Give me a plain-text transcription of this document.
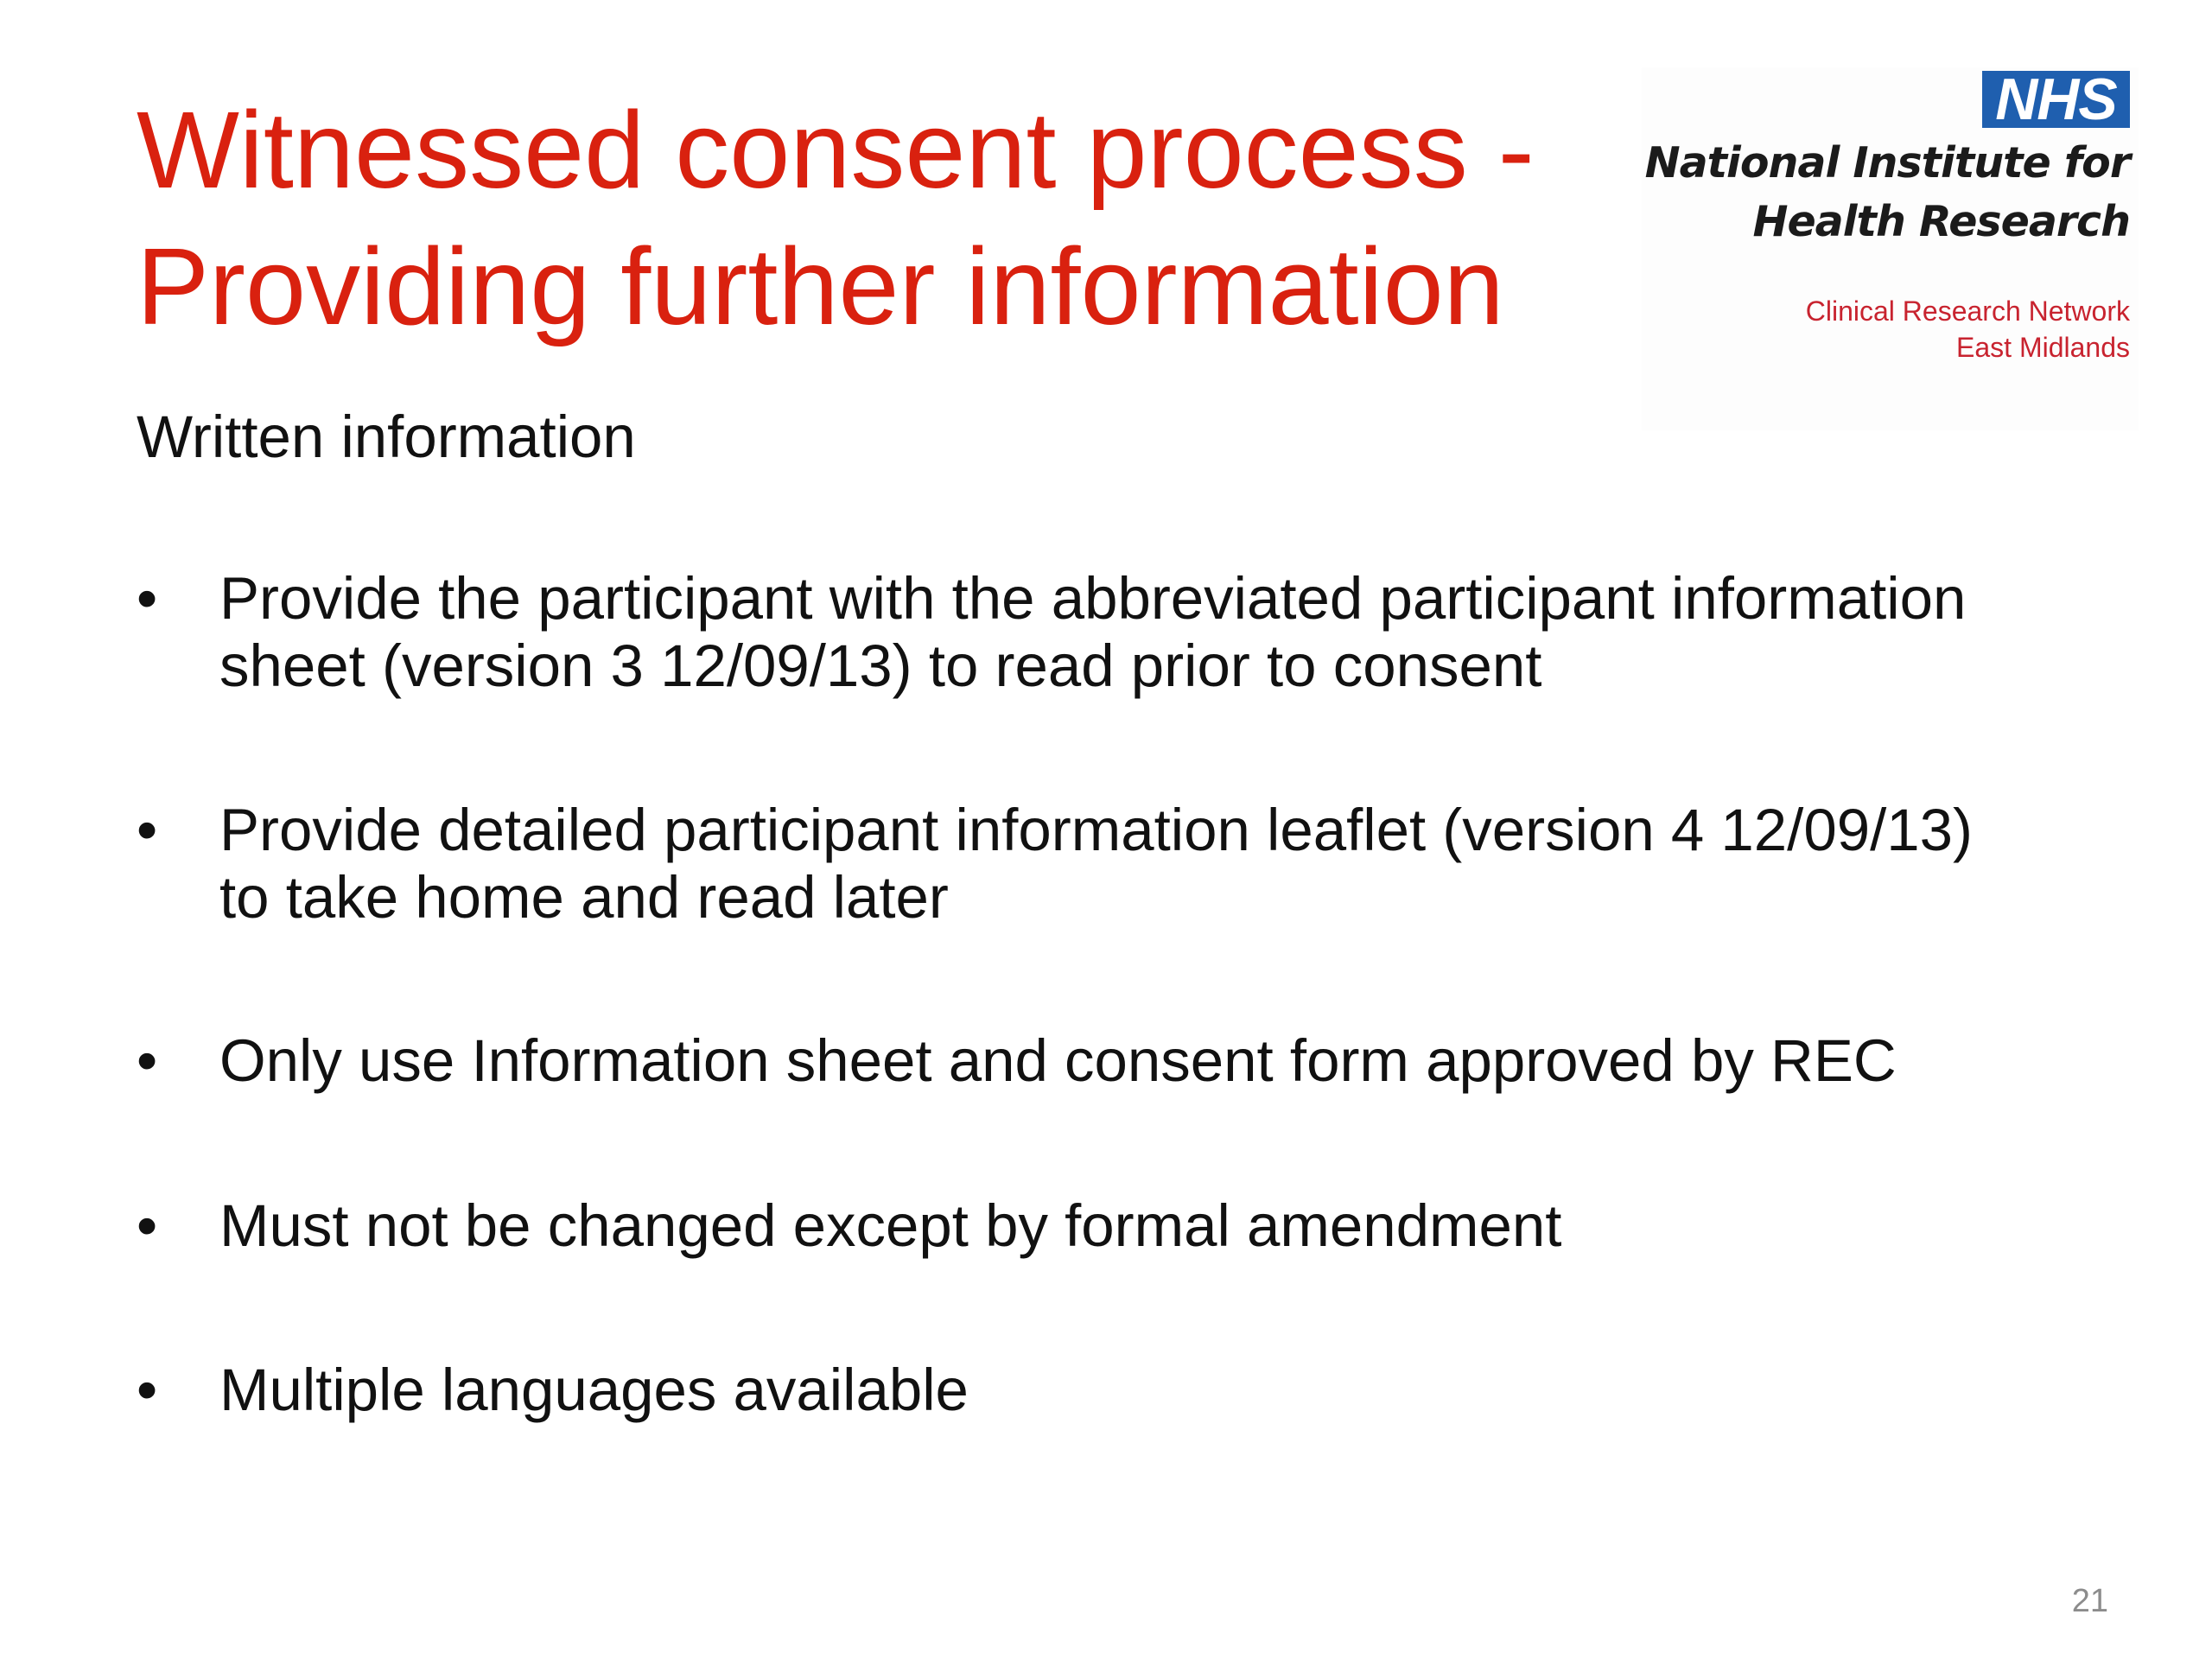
Witnessed consent process -
Providing further information
NHS
National Institute for
Health Research
Clinical Research Network
East Midlands
Written information
• Provide the participant with the abbreviated participant information
sheet (version 3 12/09/13) to read prior to consent
• Provide detailed participant information leaflet (version 4 12/09/13)
to take home and read later
• Only use Information sheet and consent form approved by REC
• Must not be changed except by formal amendment
• Multiple languages available
21
